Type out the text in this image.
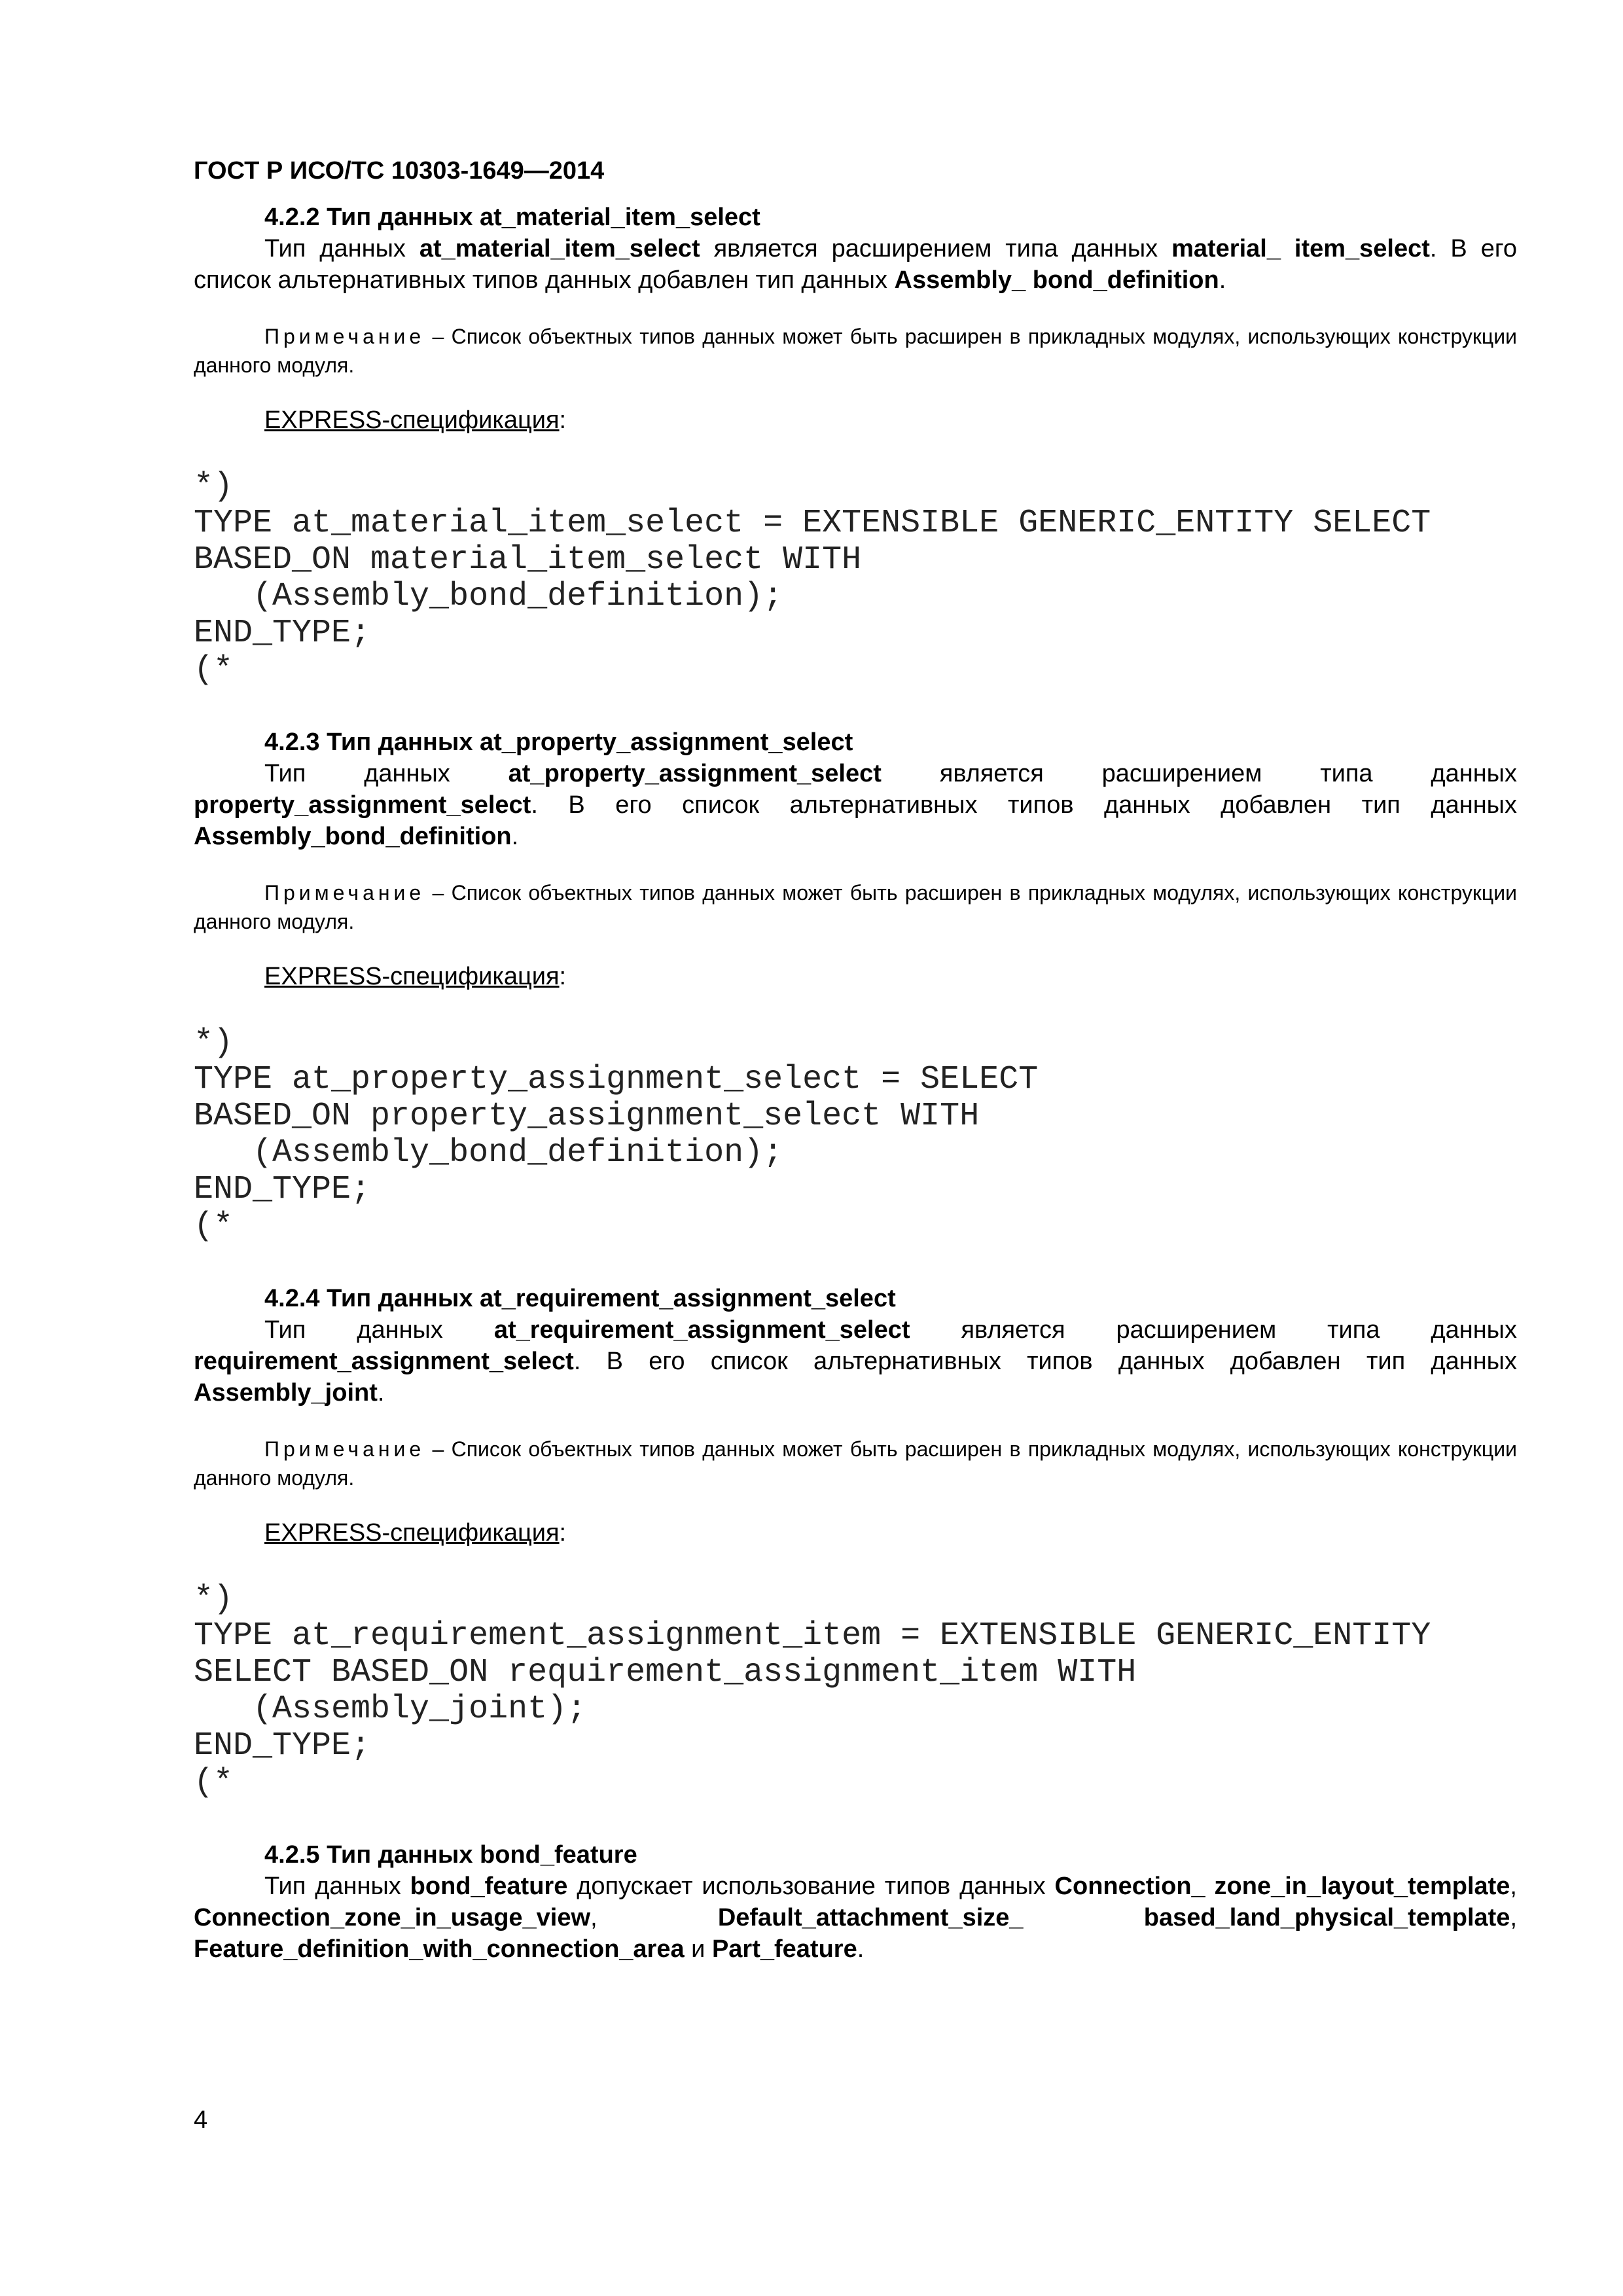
ГОСТ Р ИСО/ТС 10303-1649—2014
4.2.2 Тип данных at_material_item_select
Тип данных at_material_item_select является расширением типа данных material_ item_select. В его список альтернативных типов данных добавлен тип данных Assembly_ bond_definition.
Примечание – Список объектных типов данных может быть расширен в прикладных модулях, использующих конструкции данного модуля.
EXPRESS-спецификация:
*)
TYPE at_material_item_select = EXTENSIBLE GENERIC_ENTITY SELECT
BASED_ON material_item_select WITH
(Assembly_bond_definition);
END_TYPE;
(*
4.2.3 Тип данных at_property_assignment_select
Тип данных at_property_assignment_select является расширением типа данных property_assignment_select. В его список альтернативных типов данных добавлен тип данных Assembly_bond_definition.
Примечание – Список объектных типов данных может быть расширен в прикладных модулях, использующих конструкции данного модуля.
EXPRESS-спецификация:
*)
TYPE at_property_assignment_select = SELECT
BASED_ON property_assignment_select WITH
(Assembly_bond_definition);
END_TYPE;
(*
4.2.4 Тип данных at_requirement_assignment_select
Тип данных at_requirement_assignment_select является расширением типа данных requirement_assignment_select. В его список альтернативных типов данных добавлен тип данных Assembly_joint.
Примечание – Список объектных типов данных может быть расширен в прикладных модулях, использующих конструкции данного модуля.
EXPRESS-спецификация:
*)
TYPE at_requirement_assignment_item = EXTENSIBLE GENERIC_ENTITY
SELECT BASED_ON requirement_assignment_item WITH
(Assembly_joint);
END_TYPE;
(*
4.2.5 Тип данных bond_feature
Тип данных bond_feature допускает использование типов данных Connection_ zone_in_layout_template, Connection_zone_in_usage_view, Default_attachment_size_ based_land_physical_template, Feature_definition_with_connection_area и Part_feature.
4
